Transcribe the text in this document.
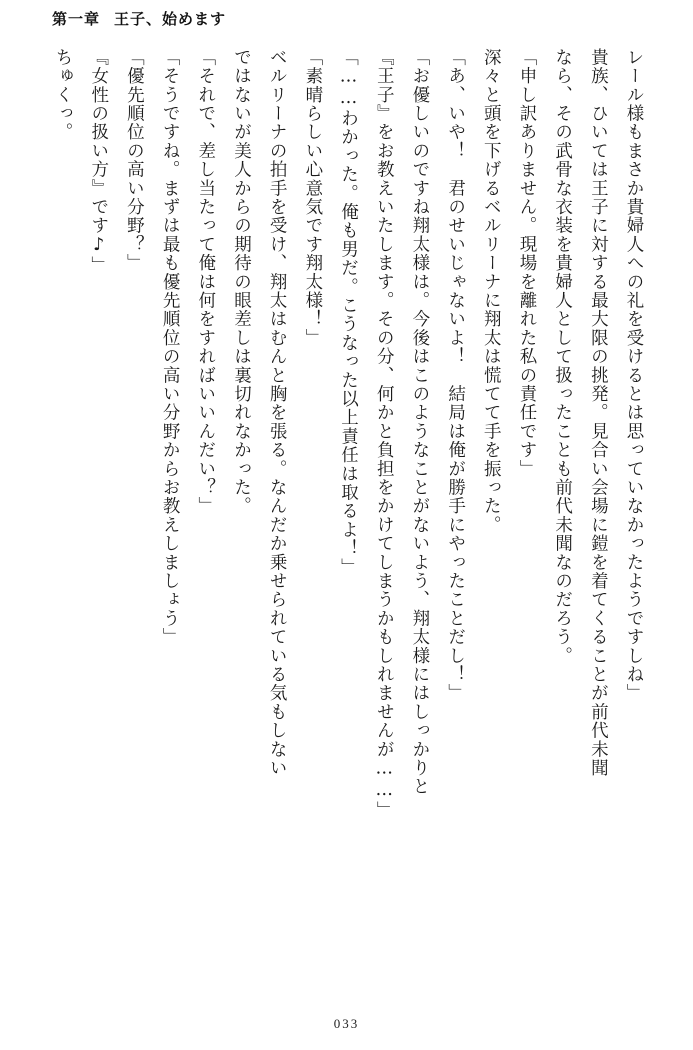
第一章 王子、始めます

レール様もまさか貴婦人への礼を受けるとは思っていなかったようですしね」

貴族、ひいては王子に対する最大限の挑発。見合い会場に鎧を着てくることが前代未聞

なら、その武骨な衣装を貴婦人として扱ったことも前代未聞なのだろう。

「申し訳ありません。現場を離れた私の責任です」

深々と頭を下げるベルリーナに翔太は慌てて手を振った。

「あ、いや！　君のせいじゃないよ！　結局は俺が勝手にやったことだし！」

「お優しいのですね翔太様は。今後はこのようなことがないよう、翔太様にはしっかりと

『王子』をお教えいたします。その分、何かと負担をかけてしまうかもしれませんが……」

「……わかった。俺も男だ。こうなった以上責任は取るよ！」

「素晴らしい心意気です翔太様！」

ベルリーナの拍手を受け、翔太はむんと胸を張る。なんだか乗せられている気もしない

ではないが美人からの期待の眼差しは裏切れなかった。

「それで、差し当たって俺は何をすればいいんだい？」

「そうですね。まずは最も優先順位の高い分野からお教えしましょう」

「優先順位の高い分野？」

『女性の扱い方』です♪」

ちゅくっ。

033
